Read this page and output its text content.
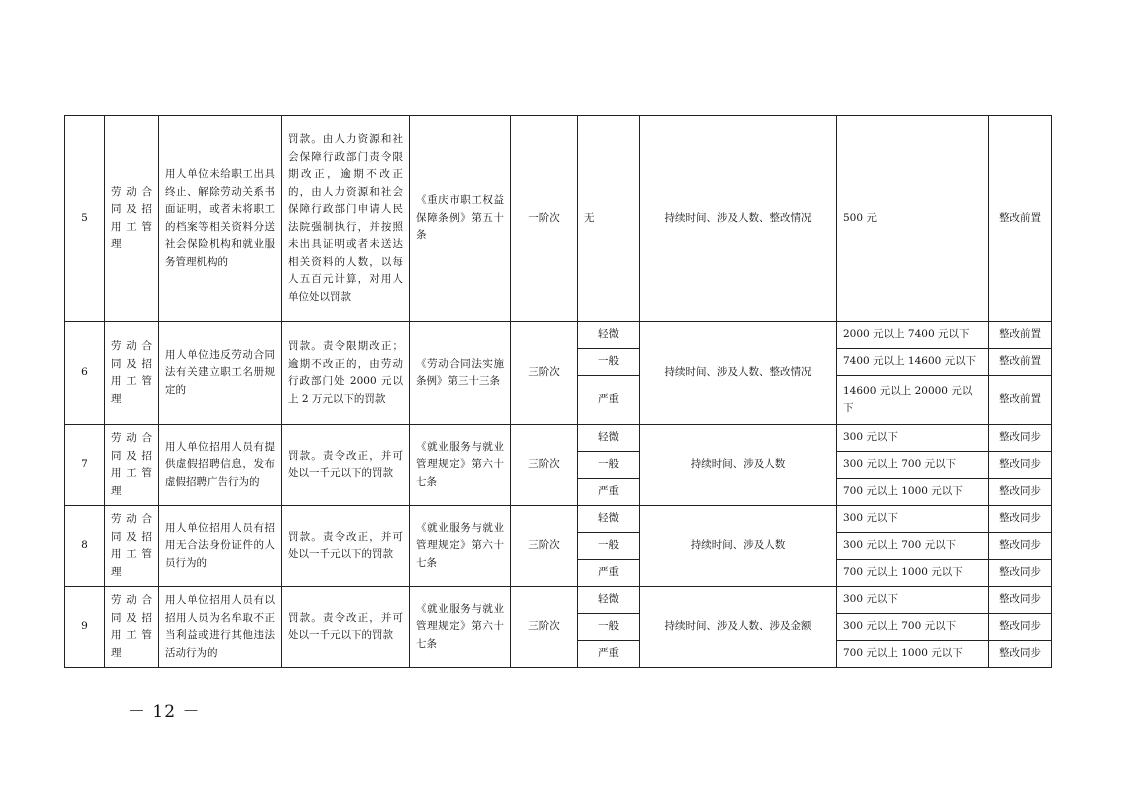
5	劳动合同及招用工管理	用人单位未给职工出具终止、解除劳动关系书面证明，或者未将职工的档案等相关资料分送社会保险机构和就业服务管理机构的	罚款。由人力资源和社会保障行政部门责令限期改正，逾期不改正的，由人力资源和社会保障行政部门申请人民法院强制执行，并按照未出具证明或者未送达相关资料的人数，以每人五百元计算，对用人单位处以罚款	《重庆市职工权益保障条例》第五十条	一阶次	无	持续时间、涉及人数、整改情况	500 元	整改前置
6	劳动合同及招用工管理	用人单位违反劳动合同法有关建立职工名册规定的	罚款。责令限期改正；逾期不改正的，由劳动行政部门处 2000 元以上 2 万元以下的罚款	《劳动合同法实施条例》第三十三条	三阶次	轻微	持续时间、涉及人数、整改情况	2000 元以上 7400 元以下	整改前置
						一般		7400 元以上 14600 元以下	整改前置
						严重		14600 元以上 20000 元以下	整改前置
7	劳动合同及招用工管理	用人单位招用人员有提供虚假招聘信息，发布虚假招聘广告行为的	罚款。责令改正，并可处以一千元以下的罚款	《就业服务与就业管理规定》第六十七条	三阶次	轻微	持续时间、涉及人数	300 元以下	整改同步
						一般		300 元以上 700 元以下	整改同步
						严重		700 元以上 1000 元以下	整改同步
8	劳动合同及招用工管理	用人单位招用人员有招用无合法身份证件的人员行为的	罚款。责令改正，并可处以一千元以下的罚款	《就业服务与就业管理规定》第六十七条	三阶次	轻微	持续时间、涉及人数	300 元以下	整改同步
						一般		300 元以上 700 元以下	整改同步
						严重		700 元以上 1000 元以下	整改同步
9	劳动合同及招用工管理	用人单位招用人员有以招用人员为名牟取不正当利益或进行其他违法活动行为的	罚款。责令改正，并可处以一千元以下的罚款	《就业服务与就业管理规定》第六十七条	三阶次	轻微	持续时间、涉及人数、涉及金额	300 元以下	整改同步
						一般		300 元以上 700 元以下	整改同步
						严重		700 元以上 1000 元以下	整改同步
－ 12 －
